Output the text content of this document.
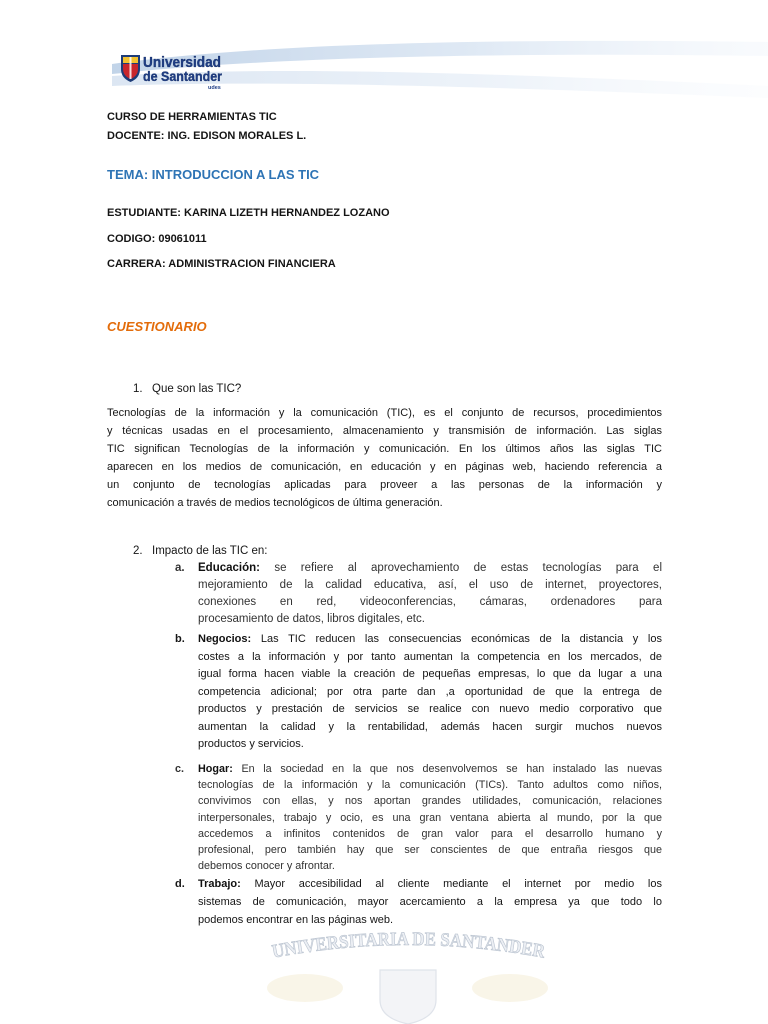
Universidad
de Santander
udes
UNIVERSITARIA DE SANTANDER
CURSO DE HERRAMIENTAS TIC
DOCENTE: ING. EDISON MORALES L.
TEMA: INTRODUCCION A LAS TIC
ESTUDIANTE: KARINA LIZETH HERNANDEZ LOZANO
CODIGO: 09061011
CARRERA: ADMINISTRACION FINANCIERA
CUESTIONARIO
1. Que son las TIC?
Tecnologías de la información y la comunicación (TIC), es el conjunto de recursos, procedimientos
y técnicas usadas en el procesamiento, almacenamiento y transmisión de información. Las siglas
TIC significan Tecnologías de la información y comunicación. En los últimos años las siglas TIC
aparecen en los medios de comunicación, en educación y en páginas web, haciendo referencia a
un conjunto de tecnologías aplicadas para proveer a las personas de la información y
comunicación a través de medios tecnológicos de última generación.
2. Impacto de las TIC en:
a. Educación: se refiere al aprovechamiento de estas tecnologías para el
mejoramiento de la calidad educativa, así, el uso de internet, proyectores,
conexiones en red, videoconferencias, cámaras, ordenadores para
procesamiento de datos, libros digitales, etc.
b. Negocios: Las TIC reducen las consecuencias económicas de la distancia y los
costes a la información y por tanto aumentan la competencia en los mercados, de
igual forma hacen viable la creación de pequeñas empresas, lo que da lugar a una
competencia adicional; por otra parte dan ,a oportunidad de que la entrega de
productos y prestación de servicios se realice con nuevo medio corporativo que
aumentan la calidad y la rentabilidad, además hacen surgir muchos nuevos
productos y servicios.
c. Hogar: En la sociedad en la que nos desenvolvemos se han instalado las nuevas
tecnologías de la información y la comunicación (TICs). Tanto adultos como niños,
convivimos con ellas, y nos aportan grandes utilidades, comunicación, relaciones
interpersonales, trabajo y ocio, es una gran ventana abierta al mundo, por la que
accedemos a infinitos contenidos de gran valor para el desarrollo humano y
profesional, pero también hay que ser conscientes de que entraña riesgos que
debemos conocer y afrontar.
d. Trabajo: Mayor accesibilidad al cliente mediante el internet por medio los
sistemas de comunicación, mayor acercamiento a la empresa ya que todo lo
podemos encontrar en las páginas web.
